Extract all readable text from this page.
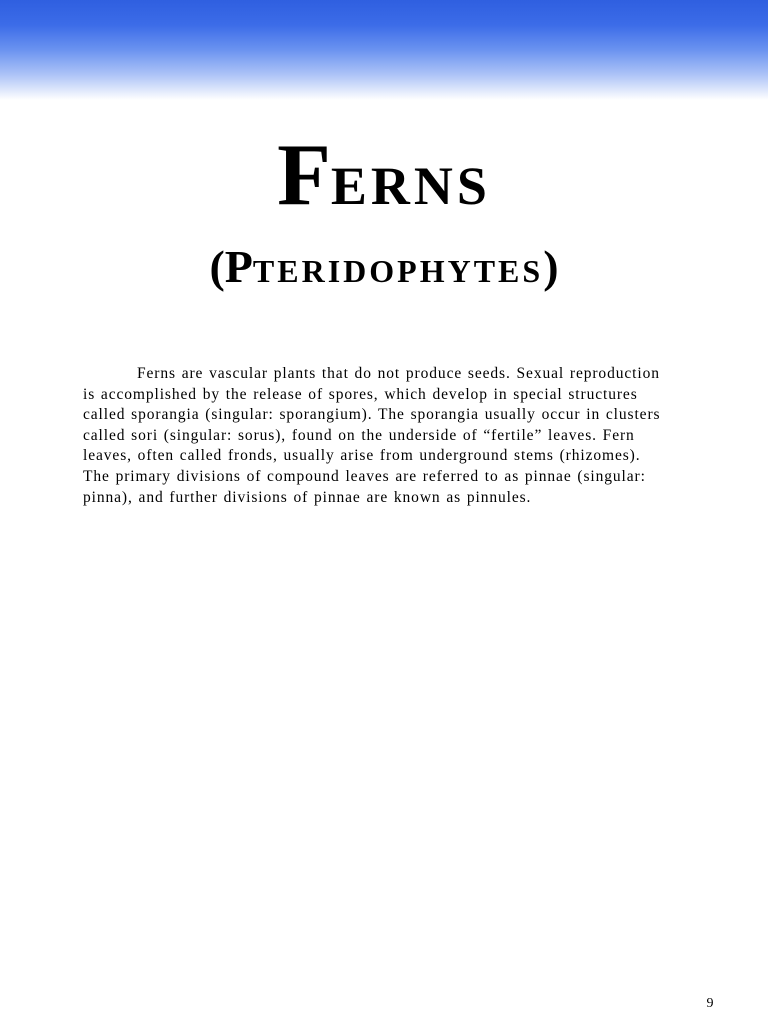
FERNS
(PTERIDOPHYTES)

Ferns are vascular plants that do not produce seeds. Sexual reproduction
is accomplished by the release of spores, which develop in special structures
called sporangia (singular: sporangium). The sporangia usually occur in clusters
called sori (singular: sorus), found on the underside of “fertile” leaves. Fern
leaves, often called fronds, usually arise from underground stems (rhizomes).
The primary divisions of compound leaves are referred to as pinnae (singular:
pinna), and further divisions of pinnae are known as pinnules.

9
